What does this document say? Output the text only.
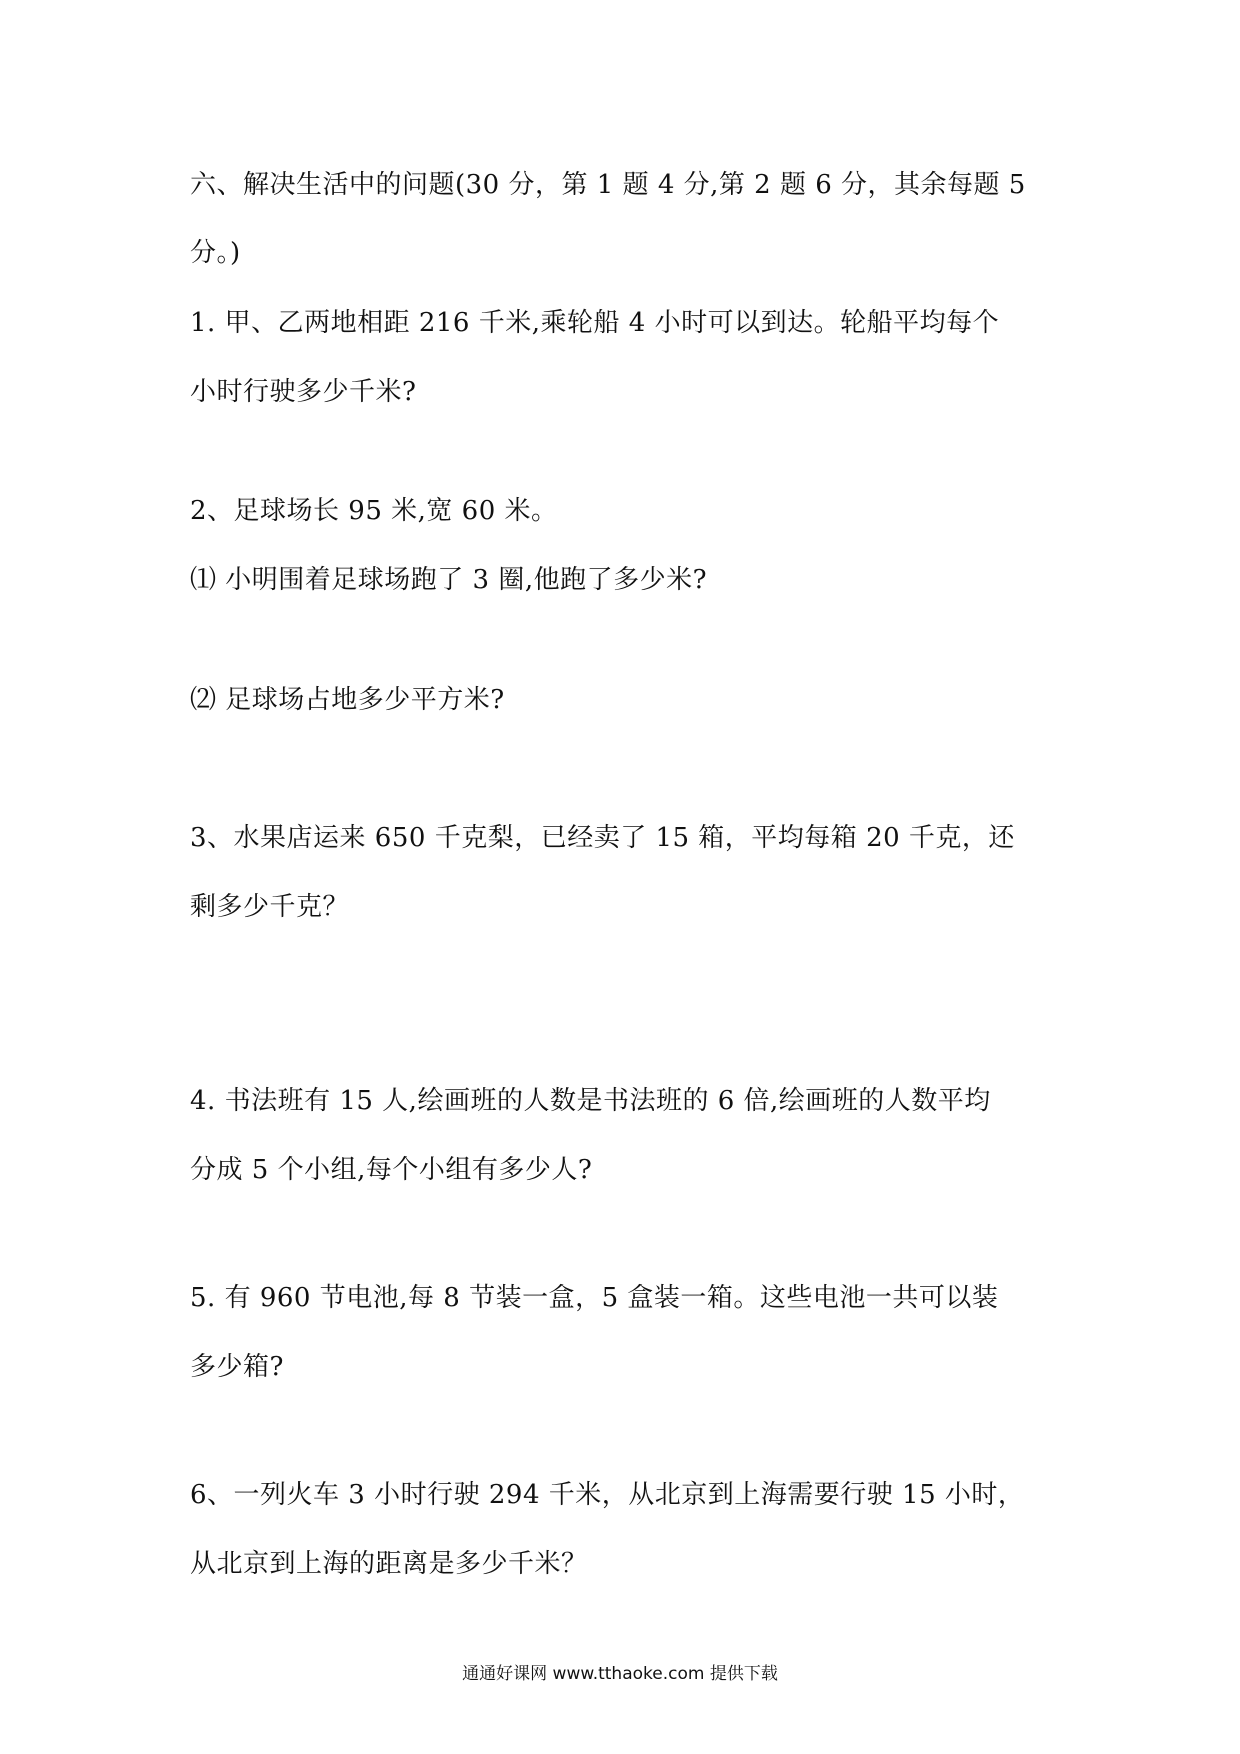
六、解决生活中的问题(30 分，第 1 题 4 分,第 2 题 6 分，其余每题 5
分。)
1. 甲、乙两地相距 216 千米,乘轮船 4 小时可以到达。轮船平均每个
小时行驶多少千米?
2、足球场长 95 米,宽 60 米。
⑴ 小明围着足球场跑了 3 圈,他跑了多少米?
⑵ 足球场占地多少平方米?
3、水果店运来 650 千克梨，已经卖了 15 箱，平均每箱 20 千克，还
剩多少千克？
4. 书法班有 15 人,绘画班的人数是书法班的 6 倍,绘画班的人数平均
分成 5 个小组,每个小组有多少人?
5. 有 960 节电池,每 8 节装一盒，5 盒装一箱。这些电池一共可以装
多少箱?
6、一列火车 3 小时行驶 294 千米，从北京到上海需要行驶 15 小时，
从北京到上海的距离是多少千米？
通通好课网 www.tthaoke.com 提供下载
